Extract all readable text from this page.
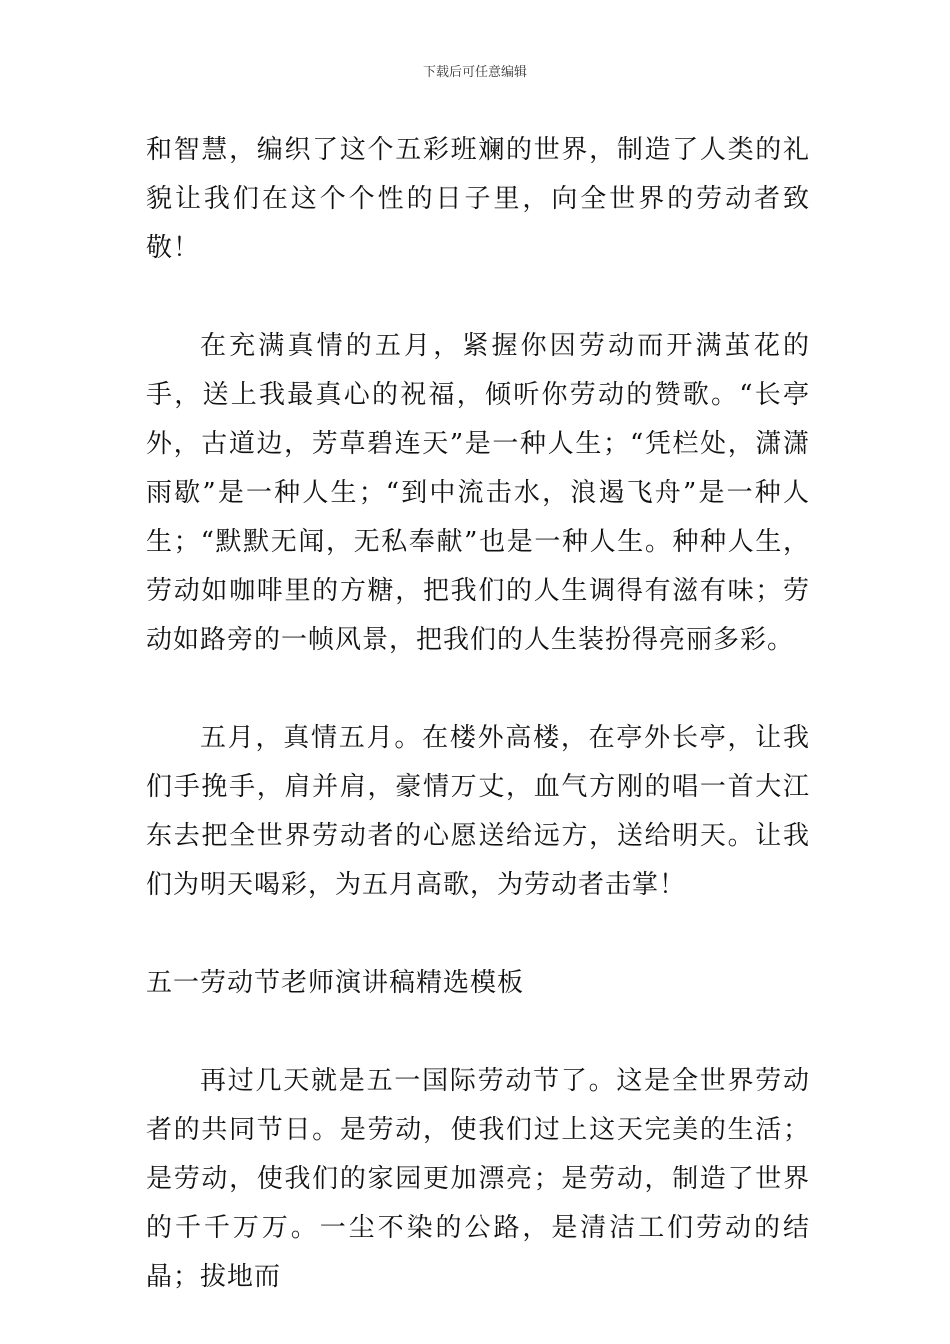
下载后可任意编辑

和智慧，编织了这个五彩班斓的世界，制造了人类的礼貌让我们在这个个性的日子里，向全世界的劳动者致敬！

在充满真情的五月，紧握你因劳动而开满茧花的手，送上我最真心的祝福，倾听你劳动的赞歌。“长亭外，古道边，芳草碧连天”是一种人生；“凭栏处，潇潇雨歇”是一种人生；“到中流击水，浪遏飞舟”是一种人生；“默默无闻，无私奉献”也是一种人生。种种人生，劳动如咖啡里的方糖，把我们的人生调得有滋有味；劳动如路旁的一帧风景，把我们的人生装扮得亮丽多彩。

五月，真情五月。在楼外高楼，在亭外长亭，让我们手挽手，肩并肩，豪情万丈，血气方刚的唱一首大江东去把全世界劳动者的心愿送给远方，送给明天。让我们为明天喝彩，为五月高歌，为劳动者击掌！

五一劳动节老师演讲稿精选模板

再过几天就是五一国际劳动节了。这是全世界劳动者的共同节日。是劳动，使我们过上这天完美的生活；是劳动，使我们的家园更加漂亮；是劳动，制造了世界的千千万万。一尘不染的公路，是清洁工们劳动的结晶；拔地而
